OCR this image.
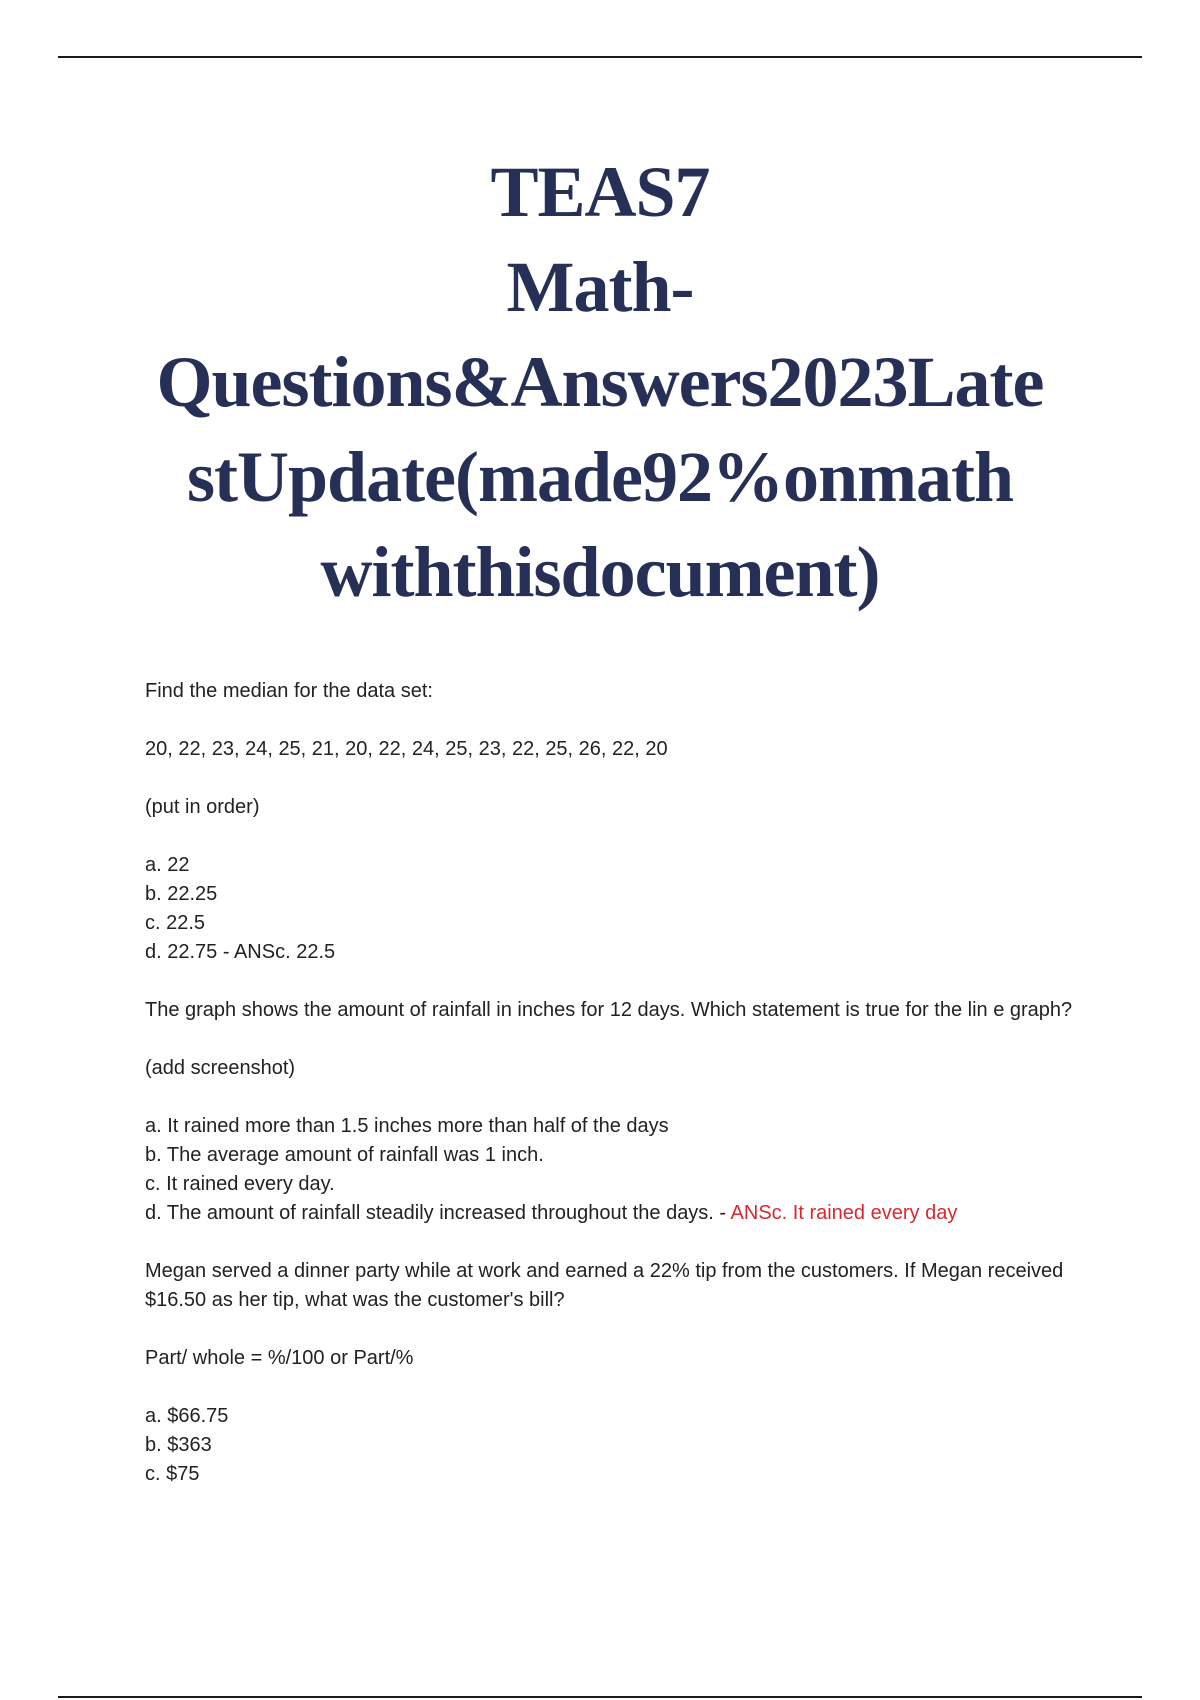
TEAS7
Math-
Questions&Answers2023Late
stUpdate(made92%onmath
withthisdocument)

Find the median for the data set:

20, 22, 23, 24, 25, 21, 20, 22, 24, 25, 23, 22, 25, 26, 22, 20

(put in order)

a. 22

b. 22.25

c. 22.5

d. 22.75 - ANSc. 22.5

The graph shows the amount of rainfall in inches for 12 days. Which statement is true for the lin e graph?

(add screenshot)

a. It rained more than 1.5 inches more than half of the days

b. The average amount of rainfall was 1 inch.

c. It rained every day.

d. The amount of rainfall steadily increased throughout the days. - ANSc. It rained every day

Megan served a dinner party while at work and earned a 22% tip from the customers. If Megan received $16.50 as her tip, what was the customer's bill?

Part/ whole = %/100 or Part/%

a. $66.75

b. $363

c. $75
